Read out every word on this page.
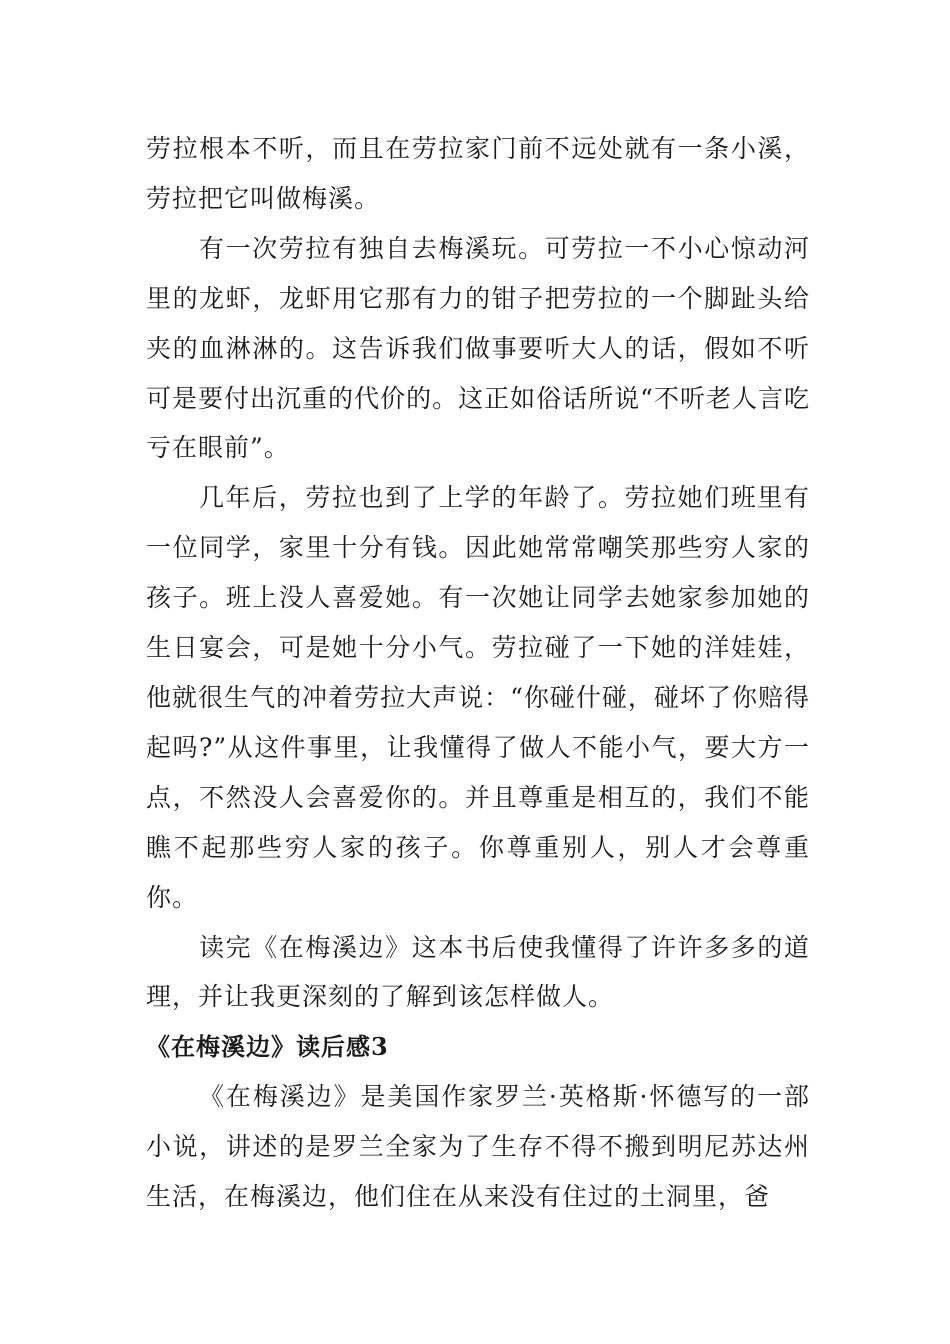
劳拉根本不听，而且在劳拉家门前不远处就有一条小溪，劳拉把它叫做梅溪。

有一次劳拉有独自去梅溪玩。可劳拉一不小心惊动河里的龙虾，龙虾用它那有力的钳子把劳拉的一个脚趾头给夹的血淋淋的。这告诉我们做事要听大人的话，假如不听可是要付出沉重的代价的。这正如俗话所说“不听老人言吃亏在眼前”。

几年后，劳拉也到了上学的年龄了。劳拉她们班里有一位同学，家里十分有钱。因此她常常嘲笑那些穷人家的孩子。班上没人喜爱她。有一次她让同学去她家参加她的生日宴会，可是她十分小气。劳拉碰了一下她的洋娃娃，他就很生气的冲着劳拉大声说：“你碰什碰，碰坏了你赔得起吗?”从这件事里，让我懂得了做人不能小气，要大方一点，不然没人会喜爱你的。并且尊重是相互的，我们不能瞧不起那些穷人家的孩子。你尊重别人，别人才会尊重你。

读完《在梅溪边》这本书后使我懂得了许许多多的道理，并让我更深刻的了解到该怎样做人。

《在梅溪边》读后感3

《在梅溪边》是美国作家罗兰·英格斯·怀德写的一部小说，讲述的是罗兰全家为了生存不得不搬到明尼苏达州生活，在梅溪边，他们住在从来没有住过的土洞里，爸
